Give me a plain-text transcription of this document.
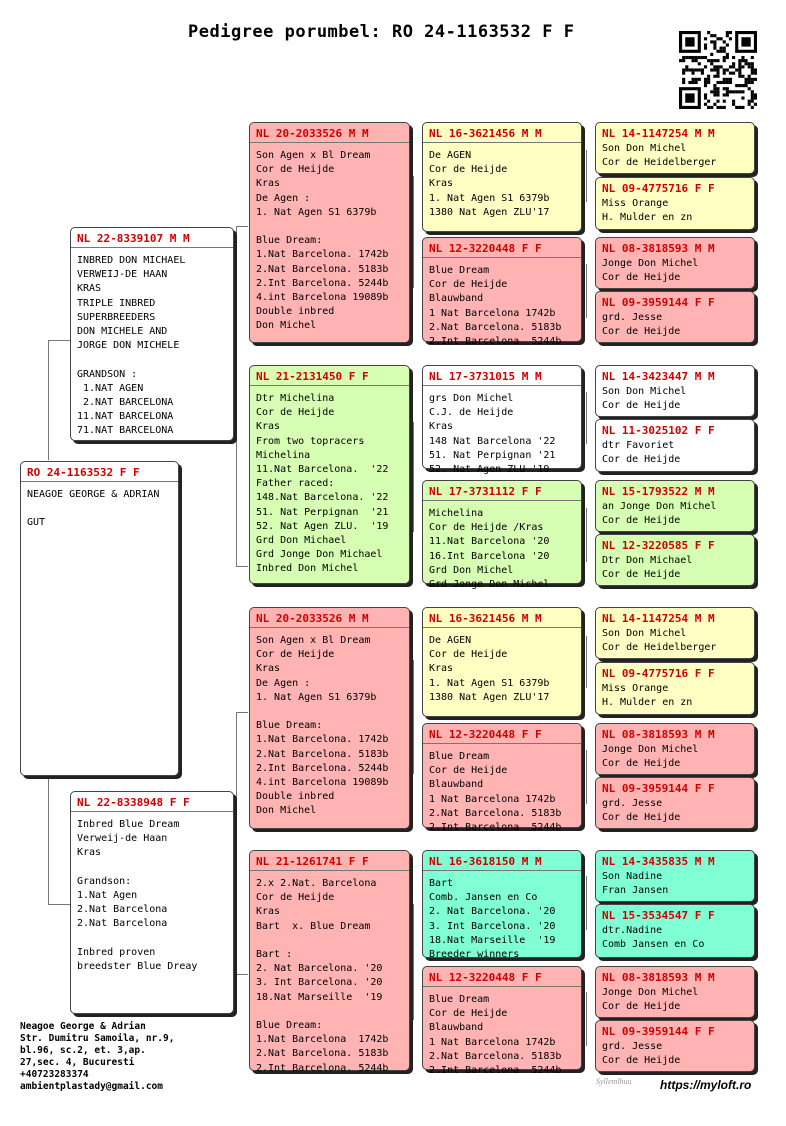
Pedigree porumbel: RO 24-1163532 F F
RO 24-1163532 F F
NEAGOE GEORGE & ADRIAN

GUT
NL 22-8339107 M M
INBRED DON MICHAEL
VERWEIJ-DE HAAN
KRAS
TRIPLE INBRED
SUPERBREEDERS
DON MICHELE AND
JORGE DON MICHELE

GRANDSON :
1.NAT AGEN
2.NAT BARCELONA
11.NAT BARCELONA
71.NAT BARCELONA
NL 22-8338948 F F
Inbred Blue Dream
Verweij-de Haan
Kras

Grandson:
1.Nat Agen
2.Nat Barcelona
2.Nat Barcelona

Inbred proven
breedster Blue Dreay
NL 20-2033526 M M
Son Agen x Bl Dream
Cor de Heijde
Kras
De Agen :
1. Nat Agen S1 6379b

Blue Dream:
1.Nat Barcelona. 1742b
2.Nat Barcelona. 5183b
2.Int Barcelona. 5244b
4.int Barcelona 19089b
Double inbred
Don Michel
NL 21-2131450 F F
Dtr Michelina
Cor de Heijde
Kras
From two topracers
Michelina
11.Nat Barcelona.  '22
Father raced:
148.Nat Barcelona. '22
51. Nat Perpignan  '21
52. Nat Agen ZLU.  '19
Grd Don Michael
Grd Jonge Don Michael
Inbred Don Michel
NL 20-2033526 M M
Son Agen x Bl Dream
Cor de Heijde
Kras
De Agen :
1. Nat Agen S1 6379b

Blue Dream:
1.Nat Barcelona. 1742b
2.Nat Barcelona. 5183b
2.Int Barcelona. 5244b
4.int Barcelona 19089b
Double inbred
Don Michel
NL 21-1261741 F F
2.x 2.Nat. Barcelona
Cor de Heijde
Kras
Bart  x. Blue Dream

Bart :
2. Nat Barcelona. '20
3. Int Barcelona. '20
18.Nat Marseille  '19

Blue Dream:
1.Nat Barcelona  1742b
2.Nat Barcelona. 5183b
2.Int Barcelona. 5244b
NL 16-3621456 M M
De AGEN
Cor de Heijde
Kras
1. Nat Agen S1 6379b
1380 Nat Agen ZLU'17
NL 12-3220448 F F
Blue Dream
Cor de Heijde
Blauwband
1 Nat Barcelona 1742b
2.Nat Barcelona. 5183b
2.Int Barcelona  5244b
NL 17-3731015 M M
grs Don Michel
C.J. de Heijde
Kras
148 Nat Barcelona '22
51. Nat Perpignan '21
52. Nat Agen ZLU '19
NL 17-3731112 F F
Michelina
Cor de Heijde /Kras
11.Nat Barcelona '20
16.Int Barcelona '20
Grd Don Michel
Grd Jonge Don Michel
NL 16-3621456 M M
De AGEN
Cor de Heijde
Kras
1. Nat Agen S1 6379b
1380 Nat Agen ZLU'17
NL 12-3220448 F F
Blue Dream
Cor de Heijde
Blauwband
1 Nat Barcelona 1742b
2.Nat Barcelona. 5183b
2.Int Barcelona  5244b
NL 16-3618150 M M
Bart
Comb. Jansen en Co
2. Nat Barcelona. '20
3. Int Barcelona. '20
18.Nat Marseille  '19
Breeder winners
NL 12-3220448 F F
Blue Dream
Cor de Heijde
Blauwband
1 Nat Barcelona 1742b
2.Nat Barcelona. 5183b
2.Int Barcelona  5244b
NL 14-1147254 M M
Son Don Michel
Cor de Heidelberger
NL 09-4775716 F F
Miss Orange
H. Mulder en zn
NL 08-3818593 M M
Jonge Don Michel
Cor de Heijde
NL 09-3959144 F F
grd. Jesse
Cor de Heijde
NL 14-3423447 M M
Son Don Michel
Cor de Heijde
NL 11-3025102 F F
dtr Favoriet
Cor de Heijde
NL 15-1793522 M M
an Jonge Don Michel
Cor de Heijde
NL 12-3220585 F F
Dtr Don Michael
Cor de Heijde
NL 14-1147254 M M
Son Don Michel
Cor de Heidelberger
NL 09-4775716 F F
Miss Orange
H. Mulder en zn
NL 08-3818593 M M
Jonge Don Michel
Cor de Heijde
NL 09-3959144 F F
grd. Jesse
Cor de Heijde
NL 14-3435835 M M
Son Nadine
Fran Jansen
NL 15-3534547 F F
dtr.Nadine
Comb Jansen en Co
NL 08-3818593 M M
Jonge Don Michel
Cor de Heijde
NL 09-3959144 F F
grd. Jesse
Cor de Heijde
Neagoe George & Adrian
Str. Dumitru Samoila, nr.9,
bl.96, sc.2, et. 3,ap.
27,sec. 4, Bucuresti
+40723283374
ambientplastady@gmail.com	Syllemlhuu https://myloft.ro
